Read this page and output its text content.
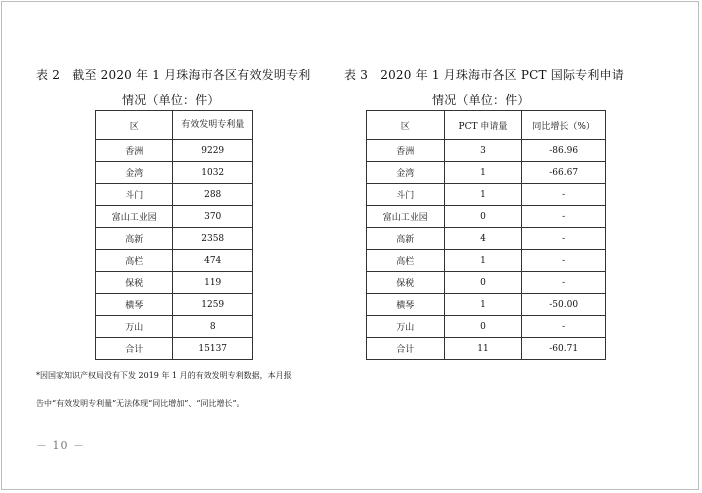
表 2　截至 2020 年 1 月珠海市各区有效发明专利
情况（单位：件）
表 3　2020 年 1 月珠海市各区 PCT 国际专利申请
情况（单位：件）
区	有效发明专利量
香洲	9229
金湾	1032
斗门	288
富山工业园	370
高新	2358
高栏	474
保税	119
横琴	1259
万山	8
合计	15137
区	PCT 申请量	同比增长（%）
香洲	3	-86.96
金湾	1	-66.67
斗门	1	-
富山工业园	0	-
高新	4	-
高栏	1	-
保税	0	-
横琴	1	-50.00
万山	0	-
合计	11	-60.71
*因国家知识产权局没有下发 2019 年 1 月的有效发明专利数据，本月报
告中“有效发明专利量”无法体现“同比增加”、“同比增长”。
－ 10 －
